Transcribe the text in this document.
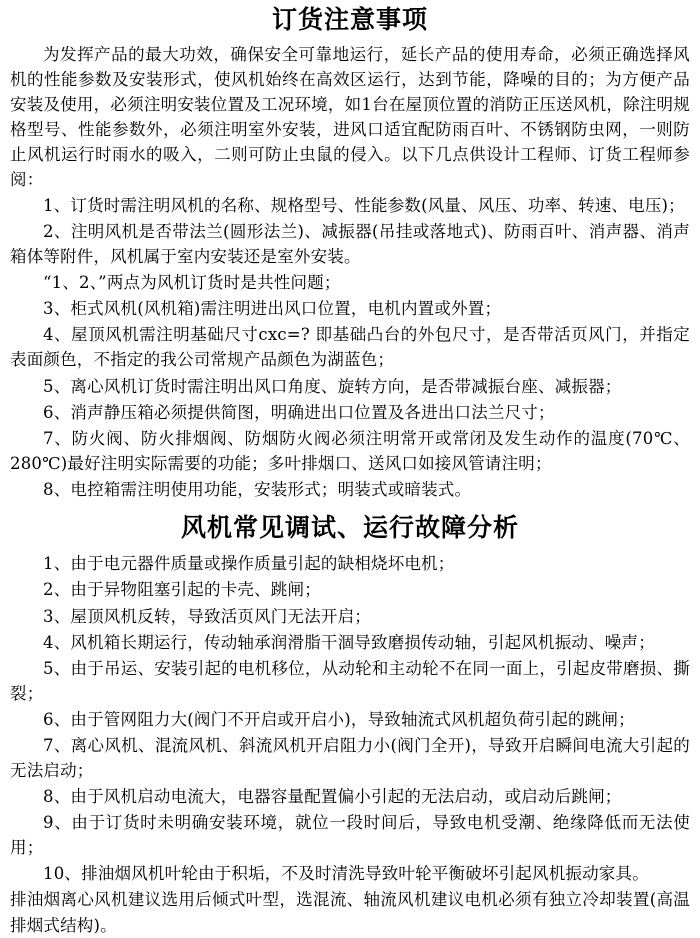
订货注意事项

为发挥产品的最大功效，确保安全可靠地运行，延长产品的使用寿命，必须正确选择风机的性能参数及安装形式，使风机始终在高效区运行，达到节能，降噪的目的；为方便产品安装及使用，必须注明安装位置及工况环境，如1台在屋顶位置的消防正压送风机，除注明规格型号、性能参数外，必须注明室外安装，进风口适宜配防雨百叶、不锈钢防虫网，一则防止风机运行时雨水的吸入，二则可防止虫鼠的侵入。以下几点供设计工程师、订货工程师参阅：

1、订货时需注明风机的名称、规格型号、性能参数(风量、风压、功率、转速、电压)；

2、注明风机是否带法兰(圆形法兰)、减振器(吊挂或落地式)、防雨百叶、消声器、消声箱体等附件，风机属于室内安装还是室外安装。

“1、2、”两点为风机订货时是共性问题；

3、柜式风机(风机箱)需注明进出风口位置，电机内置或外置；

4、屋顶风机需注明基础尺寸cxc=? 即基础凸台的外包尺寸，是否带活页风门，并指定表面颜色，不指定的我公司常规产品颜色为湖蓝色；

5、离心风机订货时需注明出风口角度、旋转方向，是否带减振台座、减振器；

6、消声静压箱必须提供简图，明确进出口位置及各进出口法兰尺寸；

7、防火阀、防火排烟阀、防烟防火阀必须注明常开或常闭及发生动作的温度(70℃、280℃)最好注明实际需要的功能；多叶排烟口、送风口如接风管请注明；

8、电控箱需注明使用功能，安装形式；明装式或暗装式。

风机常见调试、运行故障分析

1、由于电元器件质量或操作质量引起的缺相烧坏电机；

2、由于异物阻塞引起的卡壳、跳闸；

3、屋顶风机反转，导致活页风门无法开启；

4、风机箱长期运行，传动轴承润滑脂干涸导致磨损传动轴，引起风机振动、噪声；

5、由于吊运、安装引起的电机移位，从动轮和主动轮不在同一面上，引起皮带磨损、撕裂；

6、由于管网阻力大(阀门不开启或开启小)，导致轴流式风机超负荷引起的跳闸；

7、离心风机、混流风机、斜流风机开启阻力小(阀门全开)，导致开启瞬间电流大引起的无法启动；

8、由于风机启动电流大，电器容量配置偏小引起的无法启动，或启动后跳闸；

9、由于订货时未明确安装环境，就位一段时间后，导致电机受潮、绝缘降低而无法使用；

10、排油烟风机叶轮由于积垢，不及时清洗导致叶轮平衡破坏引起风机振动家具。

排油烟离心风机建议选用后倾式叶型，选混流、轴流风机建议电机必须有独立冷却装置(高温排烟式结构)。
